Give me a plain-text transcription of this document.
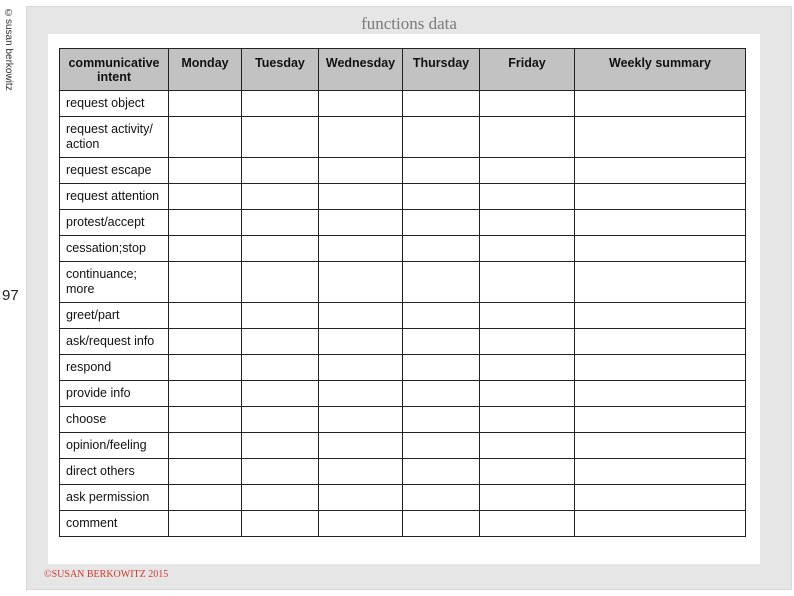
©susan berkowitz
97
functions data
communicative intent	Monday	Tuesday	Wednesday	Thursday	Friday	Weekly summary
request object						
request activity/ action						
request escape						
request attention						
protest/accept						
cessation;stop						
continuance; more						
greet/part						
ask/request info						
respond						
provide info						
choose						
opinion/feeling						
direct others						
ask permission						
comment						
©SUSAN BERKOWITZ 2015
